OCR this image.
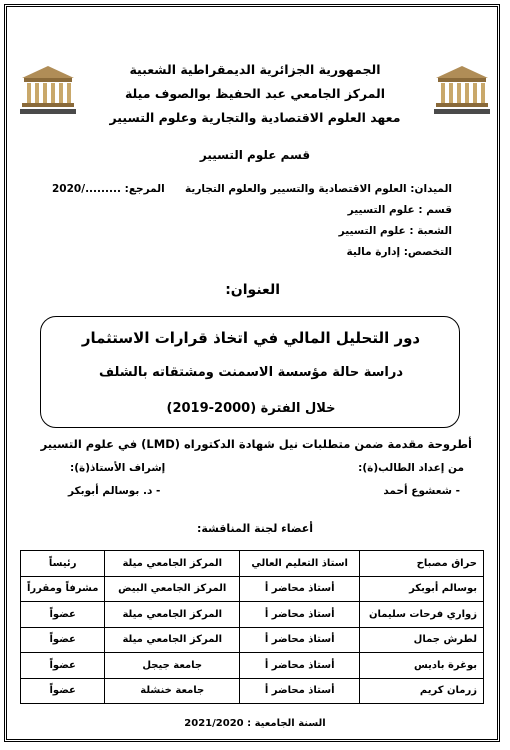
الجمهورية الجزائرية الديمقراطية الشعبية
المركز الجامعي عبد الحفيظ بوالصوف ميلة
معهد العلوم الاقتصادية والتجارية وعلوم التسيير
قسم علوم التسيير
الميدان: العلوم الاقتصادية والتسيير والعلوم التجارية
المرجع: ........./2020
قسم : علوم التسيير
الشعبة : علوم التسيير
التخصص: إدارة مالية
العنوان:
دور التحليل المالي في اتخاذ قرارات الاستثمار
دراسة حالة مؤسسة الاسمنت ومشتقاته بالشلف
خلال الفترة (2000-2019)
أطروحة مقدمة ضمن متطلبات نيل شهادة الدكتوراه (LMD) في علوم التسيير
من إعداد الطالب(ة):
إشراف الأستاذ(ة):
- شعشوع أحمد
- د. بوسالم أبوبكر
أعضاء لجنة المناقشة:
حراق مصباح	استاذ التعليم العالي	المركز الجامعي ميلة	رئيساً
بوسالم أبوبكر	أستاذ محاضر أ	المركز الجامعي البيض	مشرفاً ومقرراً
زواري فرحات سليمان	أستاذ محاضر أ	المركز الجامعي ميلة	عضواً
لطرش جمال	أستاذ محاضر أ	المركز الجامعي ميلة	عضواً
بوغرة باديس	أستاذ محاضر أ	جامعة جيجل	عضواً
زرمان كريم	أستاذ محاضر أ	جامعة خنشلة	عضواً
السنة الجامعية : 2021/2020
